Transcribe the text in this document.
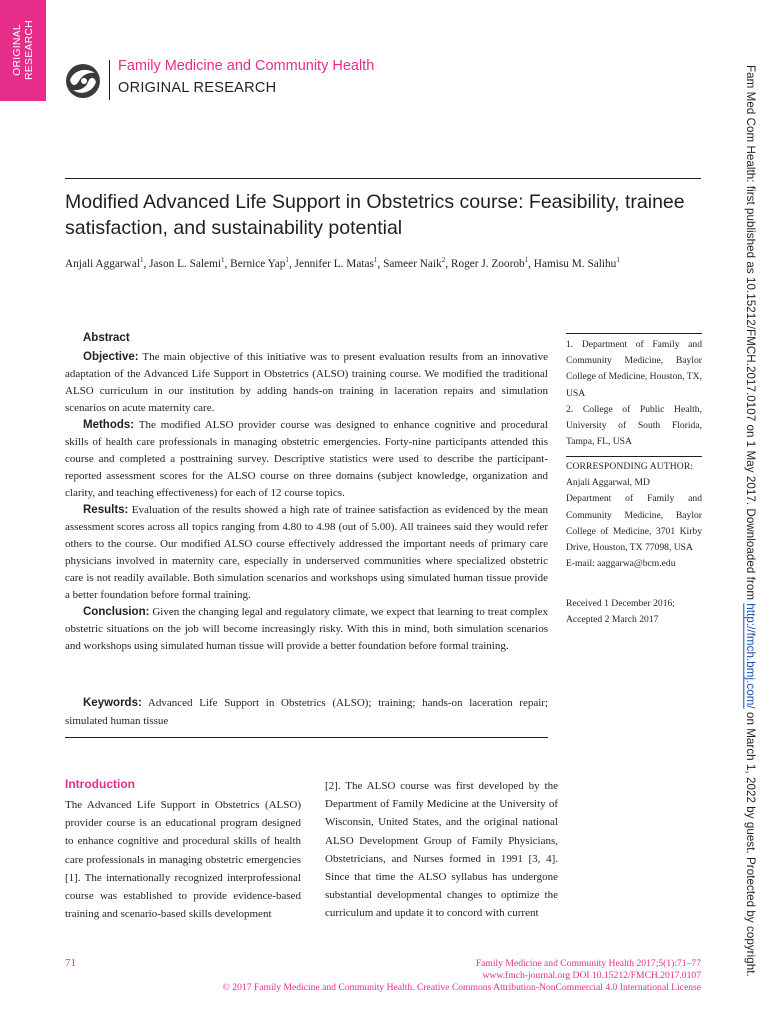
ORIGINAL RESEARCH	Family Medicine and Community Health
ORIGINAL RESEARCH
Modified Advanced Life Support in Obstetrics course: Feasibility, trainee satisfaction, and sustainability potential
Anjali Aggarwal$^1$, Jason L. Salemi$^1$, Bernice Yap$^1$, Jennifer L. Matas$^1$, Sameer Naik$^2$, Roger J. Zoorob$^1$, Hamisu M. Salihu$^1$
Abstract

Objective: The main objective of this initiative was to present evaluation results from an innovative adaptation of the Advanced Life Support in Obstetrics (ALSO) training course. We modified the traditional ALSO curriculum in our institution by adding hands-on training in laceration repairs and simulation scenarios on acute maternity care.

Methods: The modified ALSO provider course was designed to enhance cognitive and procedural skills of health care professionals in managing obstetric emergencies. Forty-nine participants attended this course and completed a posttraining survey. Descriptive statistics were used to describe the participant-reported assessment scores for the ALSO course on three domains (subject knowledge, organization and clarity, and teaching effectiveness) for each of 12 course topics.

Results: Evaluation of the results showed a high rate of trainee satisfaction as evidenced by the mean assessment scores across all topics ranging from 4.80 to 4.98 (out of 5.00). All trainees said they would refer others to the course. Our modified ALSO course effectively addressed the important needs of primary care physicians involved in maternity care, especially in underserved communities where specialized obstetric care is not readily available. Both simulation scenarios and workshops using simulated human tissue provide a better foundation before formal training.

Conclusion: Given the changing legal and regulatory climate, we expect that learning to treat complex obstetric situations on the job will become increasingly risky. With this in mind, both simulation scenarios and workshops using simulated human tissue will provide a better foundation before formal training.

Keywords: Advanced Life Support in Obstetrics (ALSO); training; hands-on laceration repair; simulated human tissue

Introduction

The Advanced Life Support in Obstetrics (ALSO) provider course is an educational program designed to enhance cognitive and procedural skills of health care professionals in managing obstetric emergencies [1]. The internationally recognized interprofessional course was established to provide evidence-based training and scenario-based skills development

[2]. The ALSO course was first developed by the Department of Family Medicine at the University of Wisconsin, United States, and the original national ALSO Development Group of Family Physicians, Obstetricians, and Nurses formed in 1991 [3, 4]. Since that time the ALSO syllabus has undergone substantial developmental changes to optimize the curriculum and update it to concord with current

1. Department of Family and Community Medicine, Baylor College of Medicine, Houston, TX, USA

2. College of Public Health, University of South Florida, Tampa, FL, USA

CORRESPONDING AUTHOR:
Anjali Aggarwal, MD
Department of Family and Community Medicine, Baylor College of Medicine, 3701 Kirby Drive, Houston, TX 77098, USA
E-mail: aaggarwa@bcm.edu
Received 1 December 2016;
Accepted 2 March 2017
Fam Med Com Health: first published as 10.15212/FMCH.2017.0107 on 1 May 2017. Downloaded from http://fmch.bmj.com/ on March 1, 2022 by guest. Protected by copyright.
71	Family Medicine and Community Health 2017;5(1):71–77
www.fmch-journal.org DOI 10.15212/FMCH.2017.0107
© 2017 Family Medicine and Community Health. Creative Commons Attribution-NonCommercial 4.0 International License
